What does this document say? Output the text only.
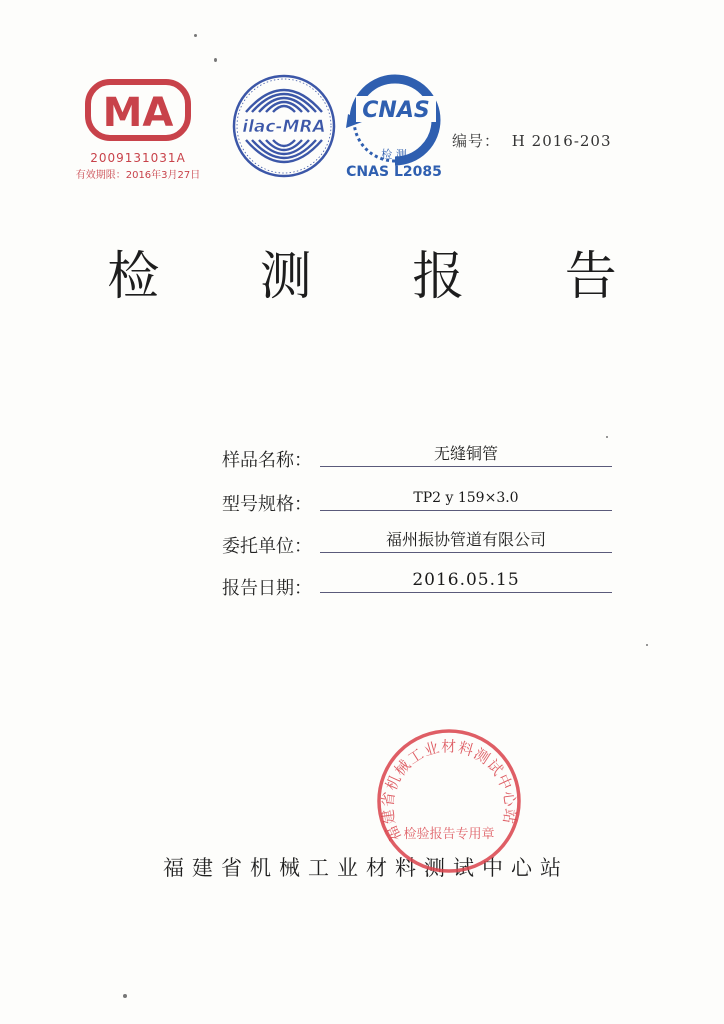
MA
2009131031A
有效期限：2016年3月27日
ilac-MRA
CNAS
检 测
CNAS L2085
编号： H 2016-203
检 测 报 告
样品名称：	无缝铜管
型号规格：	TP2 y 159×3.0
委托单位：	福州振协管道有限公司
报告日期：	2016.05.15
福建省机械工业材料测试中心站
福建省机械工业材料测试中心站
检验报告专用章
